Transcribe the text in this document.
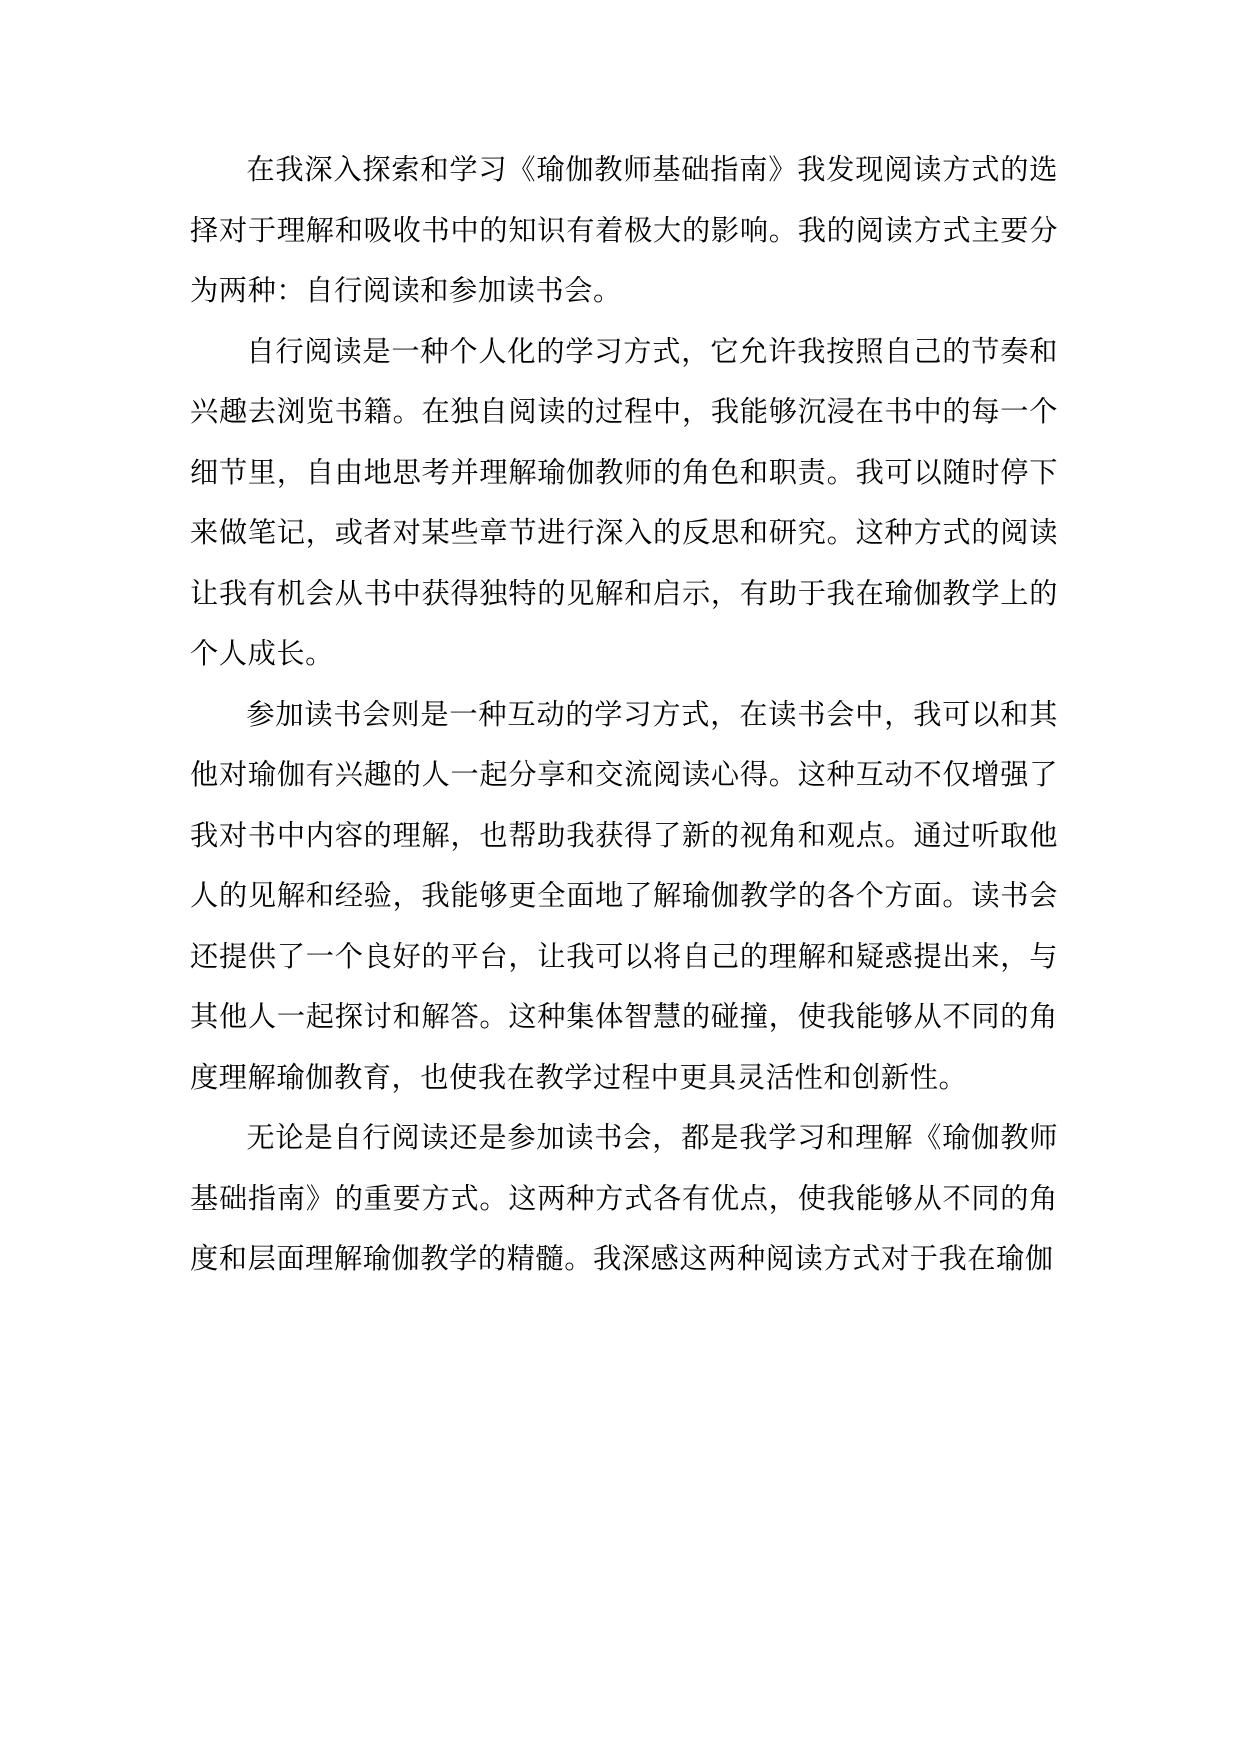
在我深入探索和学习《瑜伽教师基础指南》我发现阅读方式的选择对于理解和吸收书中的知识有着极大的影响。我的阅读方式主要分为两种：自行阅读和参加读书会。

自行阅读是一种个人化的学习方式，它允许我按照自己的节奏和兴趣去浏览书籍。在独自阅读的过程中，我能够沉浸在书中的每一个细节里，自由地思考并理解瑜伽教师的角色和职责。我可以随时停下来做笔记，或者对某些章节进行深入的反思和研究。这种方式的阅读让我有机会从书中获得独特的见解和启示，有助于我在瑜伽教学上的个人成长。

参加读书会则是一种互动的学习方式，在读书会中，我可以和其他对瑜伽有兴趣的人一起分享和交流阅读心得。这种互动不仅增强了我对书中内容的理解，也帮助我获得了新的视角和观点。通过听取他人的见解和经验，我能够更全面地了解瑜伽教学的各个方面。读书会还提供了一个良好的平台，让我可以将自己的理解和疑惑提出来，与其他人一起探讨和解答。这种集体智慧的碰撞，使我能够从不同的角度理解瑜伽教育，也使我在教学过程中更具灵活性和创新性。

无论是自行阅读还是参加读书会，都是我学习和理解《瑜伽教师基础指南》的重要方式。这两种方式各有优点，使我能够从不同的角度和层面理解瑜伽教学的精髓。我深感这两种阅读方式对于我在瑜伽
